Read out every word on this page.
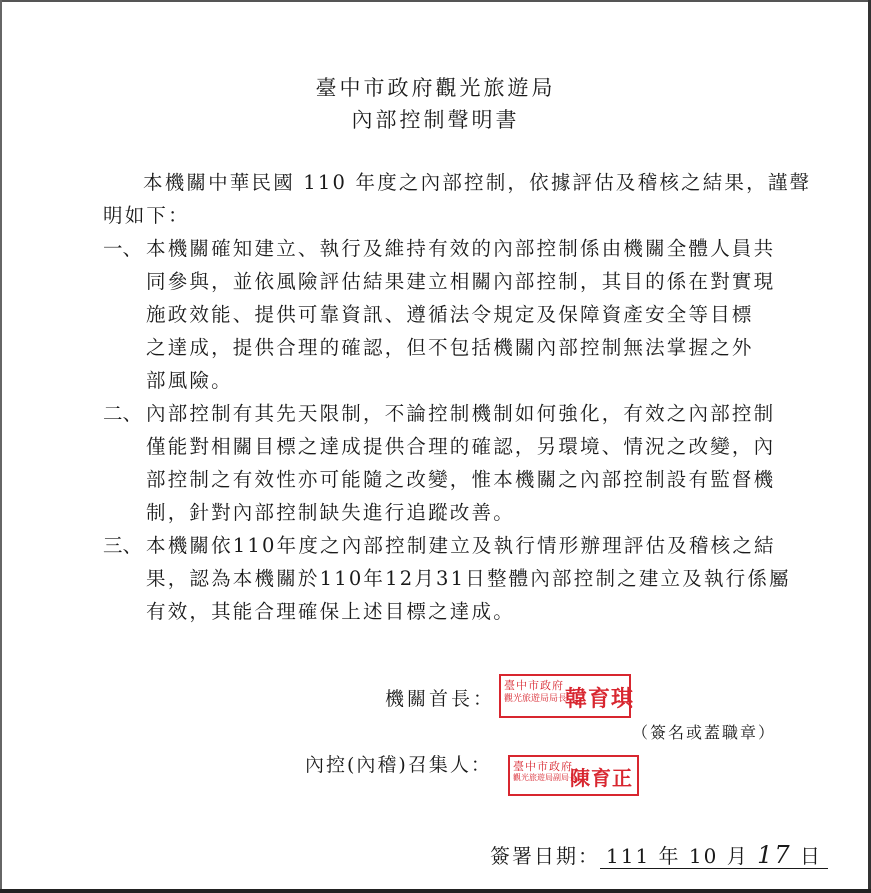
臺中市政府觀光旅遊局
內部控制聲明書
本機關中華民國 110 年度之內部控制，依據評估及稽核之結果，謹聲
明如下：
一、 本機關確知建立、執行及維持有效的內部控制係由機關全體人員共
同參與，並依風險評估結果建立相關內部控制，其目的係在對實現
施政效能、提供可靠資訊、遵循法令規定及保障資產安全等目標
之達成，提供合理的確認，但不包括機關內部控制無法掌握之外
部風險。
二、 內部控制有其先天限制，不論控制機制如何強化，有效之內部控制
僅能對相關目標之達成提供合理的確認，另環境、情況之改變，內
部控制之有效性亦可能隨之改變，惟本機關之內部控制設有監督機
制，針對內部控制缺失進行追蹤改善。
三、 本機關依110年度之內部控制建立及執行情形辦理評估及稽核之結
果，認為本機關於110年12月31日整體內部控制之建立及執行係屬
有效，其能合理確保上述目標之達成。
機關首長：
臺中市政府
觀光旅遊局局長
韓育琪
（簽名或蓋職章）
內控(內稽)召集人： 臺中市政府
觀光旅遊局副局長
陳育正
簽署日期： 111 年 10 月 17 日
